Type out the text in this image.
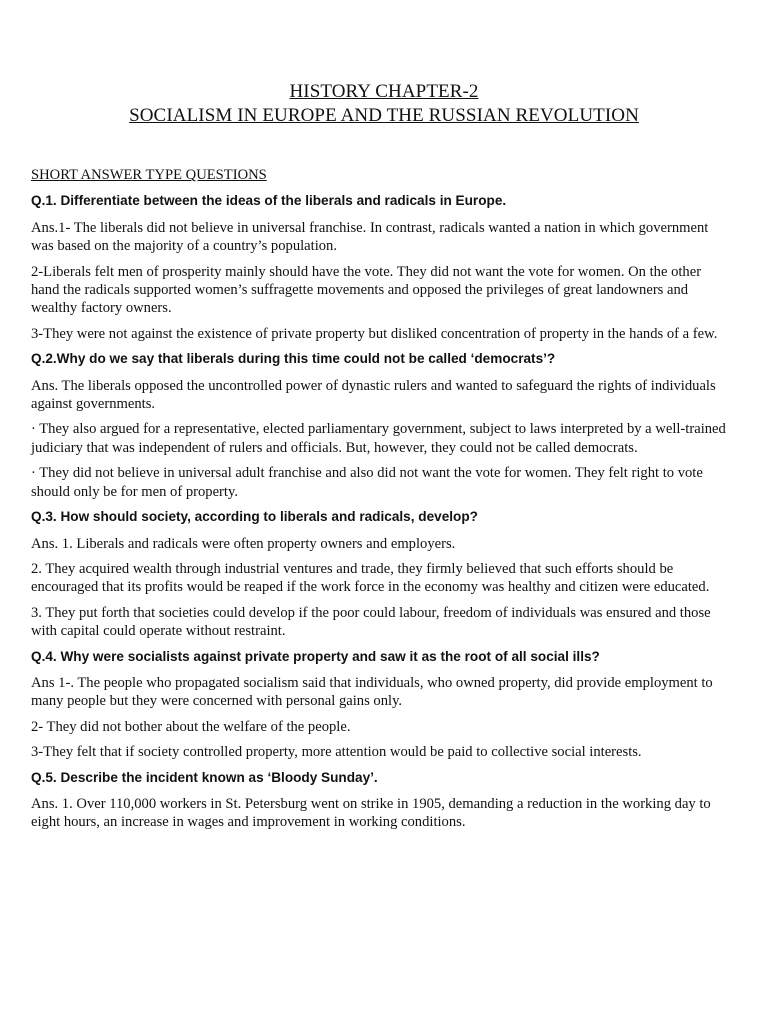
HISTORY CHAPTER-2
SOCIALISM IN EUROPE AND THE RUSSIAN REVOLUTION
SHORT ANSWER TYPE QUESTIONS
Q.1. Differentiate between the ideas of the liberals and radicals in Europe.
Ans.1- The liberals did not believe in universal franchise. In contrast, radicals wanted a nation in which government was based on the majority of a country’s population.
2-Liberals felt men of prosperity mainly should have the vote. They did not want the vote for women. On the other hand the radicals supported women’s suffragette movements and opposed the privileges of great landowners and wealthy factory owners.
3-They were not against the existence of private property but disliked concentration of property in the hands of a few.
Q.2.Why do we say that liberals during this time could not be called ‘democrats’?
Ans. The liberals opposed the uncontrolled power of dynastic rulers and wanted to safeguard the rights of individuals against governments.
· They also argued for a representative, elected parliamentary government, subject to laws interpreted by a well-trained judiciary that was independent of rulers and officials. But, however, they could not be called democrats.
· They did not believe in universal adult franchise and also did not want the vote for women. They felt right to vote should only be for men of property.
Q.3. How should society, according to liberals and radicals, develop?
Ans. 1. Liberals and radicals were often property owners and employers.
2. They acquired wealth through industrial ventures and trade, they firmly believed that such efforts should be encouraged that its profits would be reaped if the work force in the economy was healthy and citizen were educated.
3. They put forth that societies could develop if the poor could labour, freedom of individuals was ensured and those with capital could operate without restraint.
Q.4. Why were socialists against private property and saw it as the root of all social ills?
Ans 1-. The people who propagated socialism said that individuals, who owned property, did provide employment to many people but they were concerned with personal gains only.
2- They did not bother about the welfare of the people.
3-They felt that if society controlled property, more attention would be paid to collective social interests.
Q.5. Describe the incident known as ‘Bloody Sunday’.
Ans. 1. Over 110,000 workers in St. Petersburg went on strike in 1905, demanding a reduction in the working day to eight hours, an increase in wages and improvement in working conditions.
